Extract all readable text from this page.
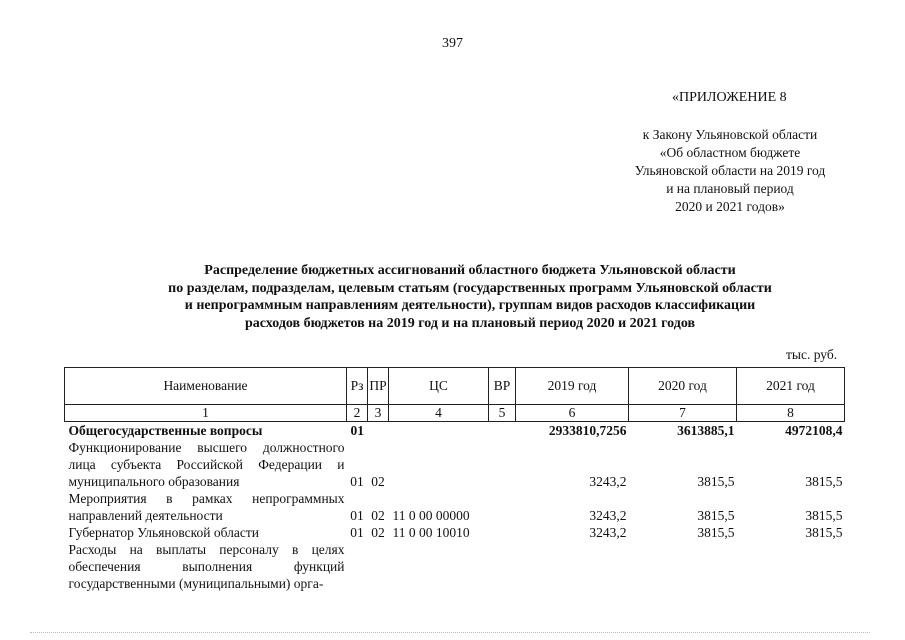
397
«ПРИЛОЖЕНИЕ 8
к Закону Ульяновской области
«Об областном бюджете
Ульяновской области на 2019 год
и на плановый период
2020 и 2021 годов»
Распределение бюджетных ассигнований областного бюджета Ульяновской области
по разделам, подразделам, целевым статьям (государственных программ Ульяновской области
и непрограммным направлениям деятельности), группам видов расходов классификации
расходов бюджетов на 2019 год и на плановый период 2020 и 2021 годов
тыс. руб.
Наименование	Рз	ПР	ЦС	ВР	2019 год	2020 год	2021 год
1	2	3	4	5	6	7	8
Общегосударственные вопросы	01				2933810,7256	3613885,1	4972108,4
Функционирование высшего должностного лица субъекта Российской Федерации и муниципального образования	01	02			3243,2	3815,5	3815,5
Мероприятия в рамках непрограммных направлений деятельности	01	02	11 0 00 00000		3243,2	3815,5	3815,5
Губернатор Ульяновской области	01	02	11 0 00 10010		3243,2	3815,5	3815,5
Расходы на выплаты персоналу в целях обеспечения выполнения функций государственными (муниципальными) орга-							
